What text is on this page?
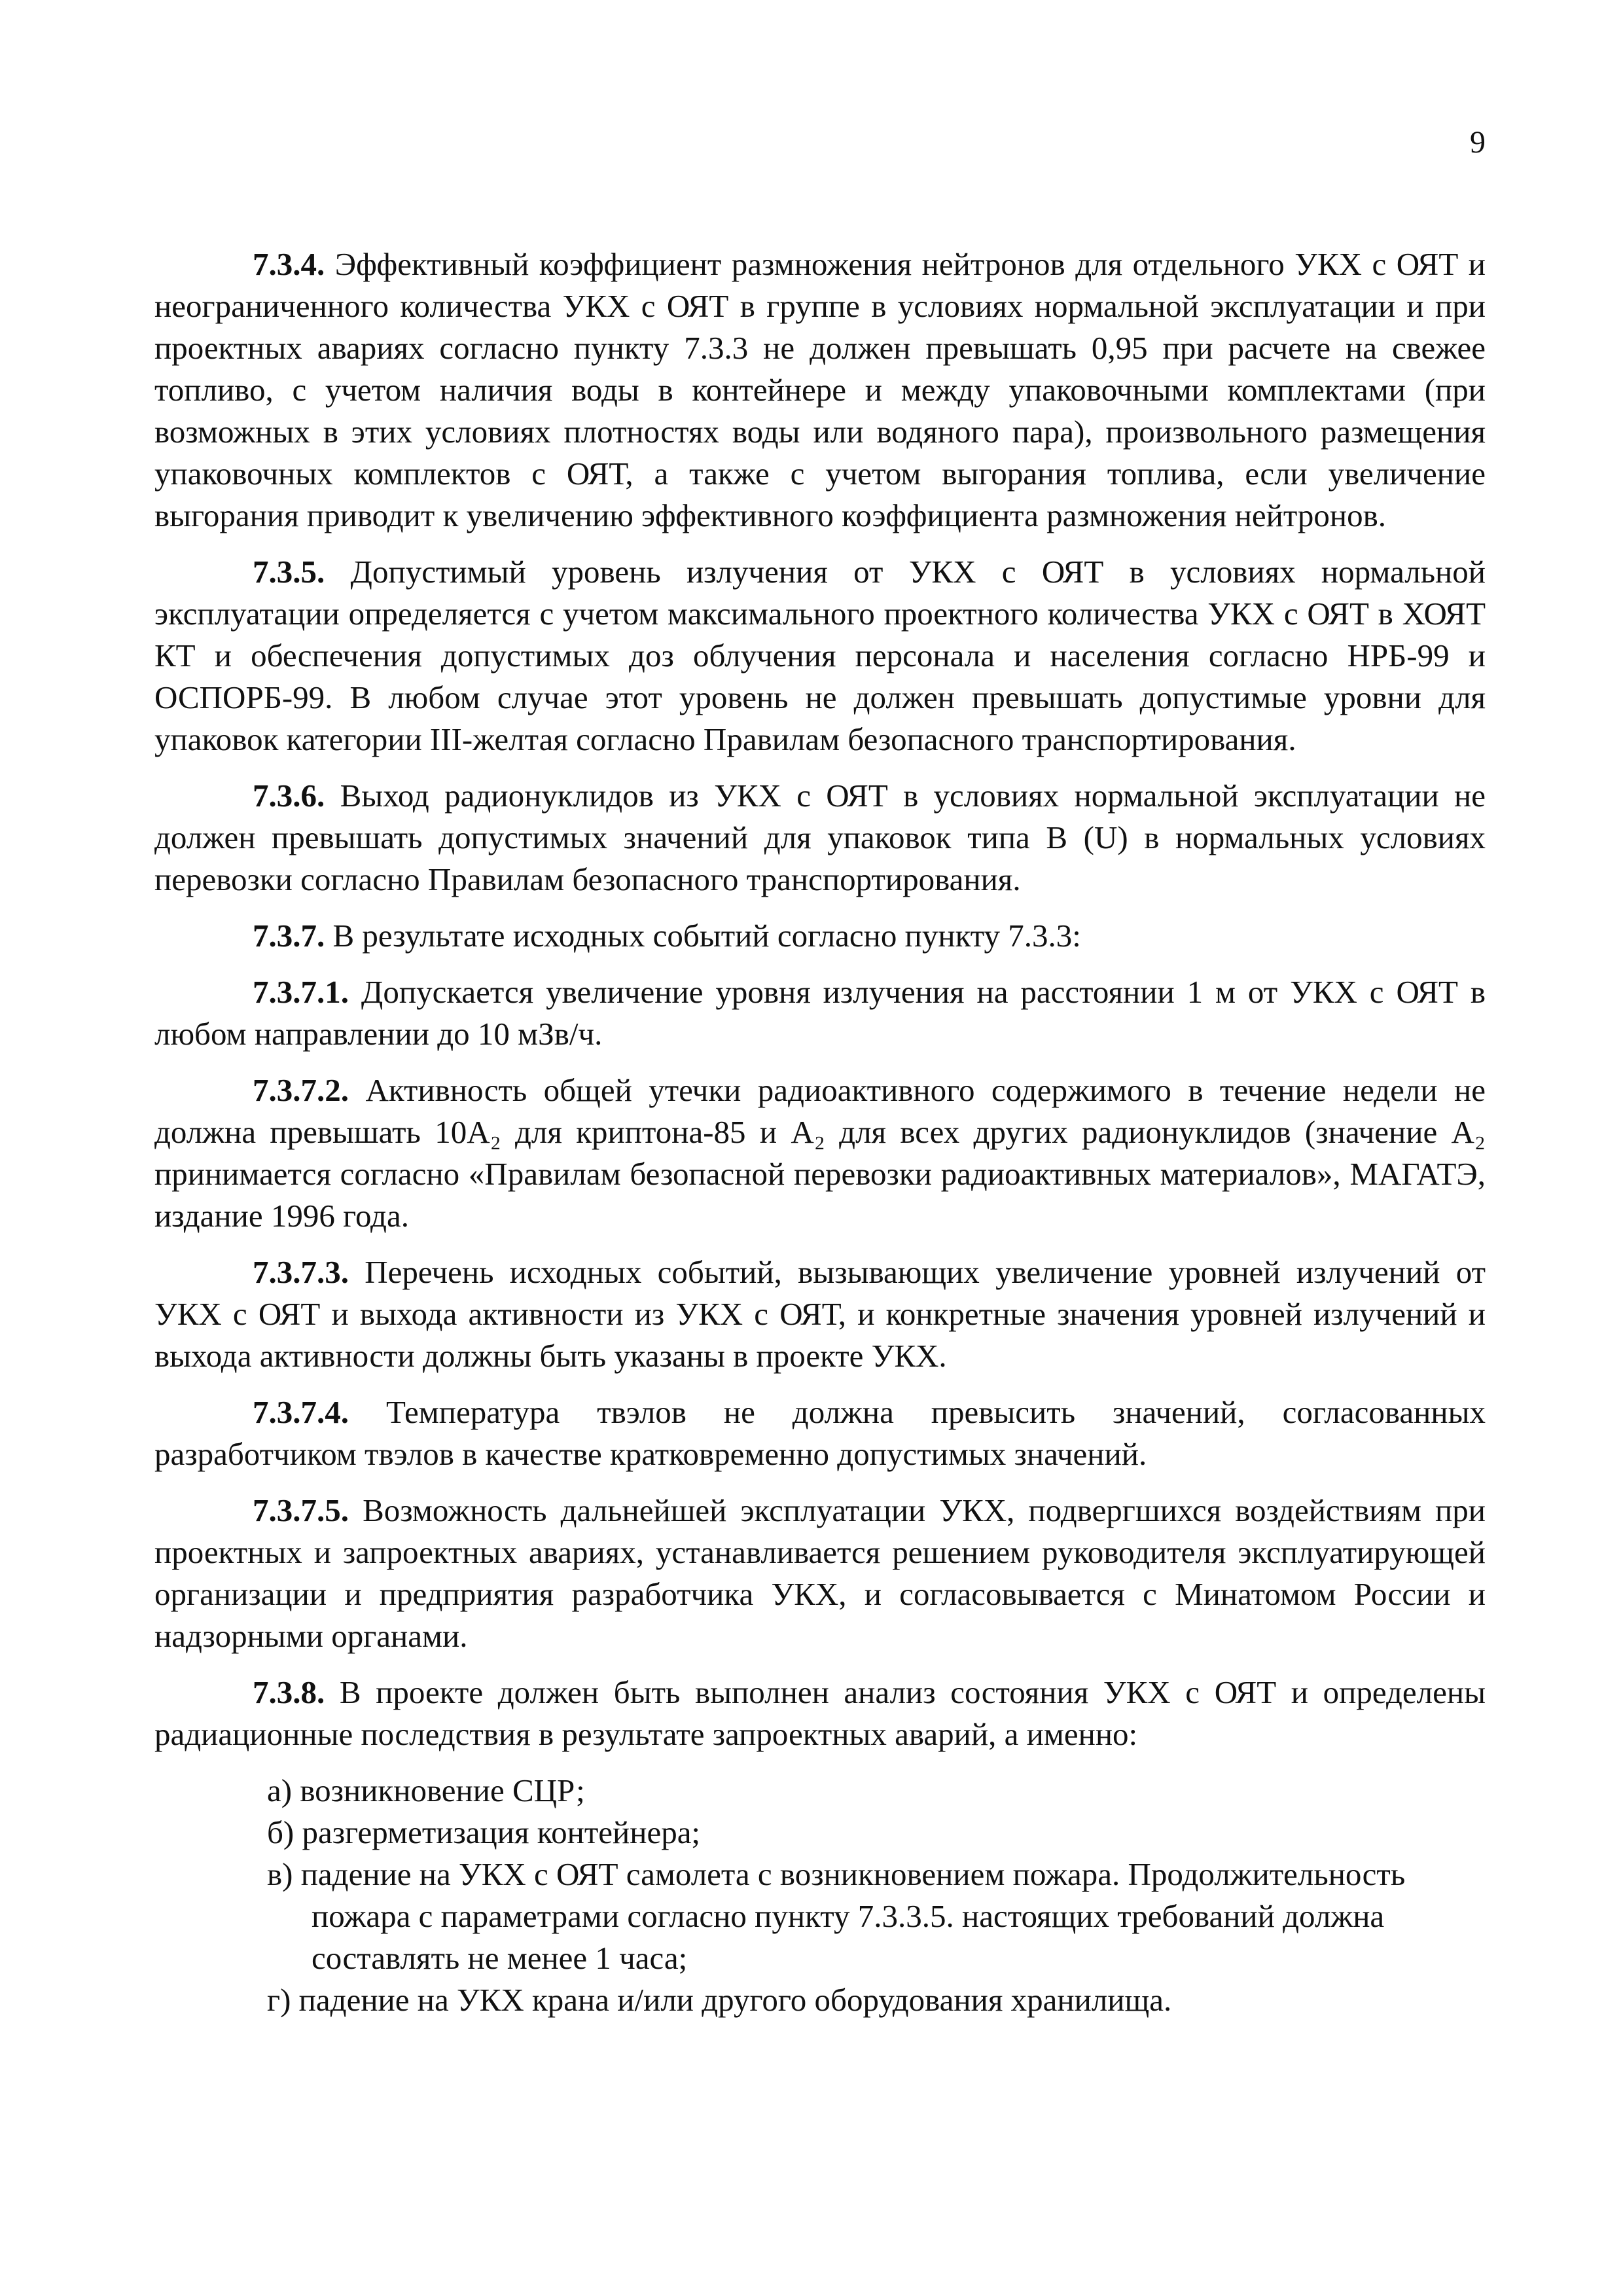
9

7.3.4. Эффективный коэффициент размножения нейтронов для отдельного УКХ с ОЯТ и неограниченного количества УКХ с ОЯТ в группе в условиях нормальной эксплуатации и при проектных авариях согласно пункту 7.3.3 не должен превышать 0,95 при расчете на свежее топливо, с учетом наличия воды в контейнере и между упаковочными комплектами (при возможных в этих условиях плотностях воды или водяного пара), произвольного размещения упаковочных комплектов с ОЯТ, а также с учетом выгорания топлива, если увеличение выгорания приводит к увеличению эффективного коэффициента размножения нейтронов.

7.3.5. Допустимый уровень излучения от УКХ с ОЯТ в условиях нормальной эксплуатации определяется с учетом максимального проектного количества УКХ с ОЯТ в ХОЯТ КТ и обеспечения допустимых доз облучения персонала и населения согласно НРБ-99 и ОСПОРБ-99. В любом случае этот уровень не должен превышать допустимые уровни для упаковок категории III-желтая согласно Правилам безопасного транспортирования.

7.3.6. Выход радионуклидов из УКХ с ОЯТ в условиях нормальной эксплуатации не должен превышать допустимых значений для упаковок типа В (U) в нормальных условиях перевозки согласно Правилам безопасного транспортирования.

7.3.7. В результате исходных событий согласно пункту 7.3.3:

7.3.7.1. Допускается увеличение уровня излучения на расстоянии 1 м от УКХ с ОЯТ в любом направлении до 10 мЗв/ч.

7.3.7.2. Активность общей утечки радиоактивного содержимого в течение недели не должна превышать 10А₂ для криптона-85 и А₂ для всех других радионуклидов (значение А₂ принимается согласно «Правилам безопасной перевозки радиоактивных материалов», МАГАТЭ, издание 1996 года.

7.3.7.3. Перечень исходных событий, вызывающих увеличение уровней излучений от УКХ с ОЯТ и выхода активности из УКХ с ОЯТ, и конкретные значения уровней излучений и выхода активности должны быть указаны в проекте УКХ.

7.3.7.4. Температура твэлов не должна превысить значений, согласованных разработчиком твэлов в качестве кратковременно допустимых значений.

7.3.7.5. Возможность дальнейшей эксплуатации УКХ, подвергшихся воздействиям при проектных и запроектных авариях, устанавливается решением руководителя эксплуатирующей организации и предприятия разработчика УКХ, и согласовывается с Минатомом России и надзорными органами.

7.3.8. В проекте должен быть выполнен анализ состояния УКХ с ОЯТ и определены радиационные последствия в результате запроектных аварий, а именно:

а) возникновение СЦР;
б) разгерметизация контейнера;
в) падение на УКХ с ОЯТ самолета с возникновением пожара. Продолжительность пожара с параметрами согласно пункту 7.3.3.5. настоящих требований должна составлять не менее 1 часа;
г) падение на УКХ крана и/или другого оборудования хранилища.
